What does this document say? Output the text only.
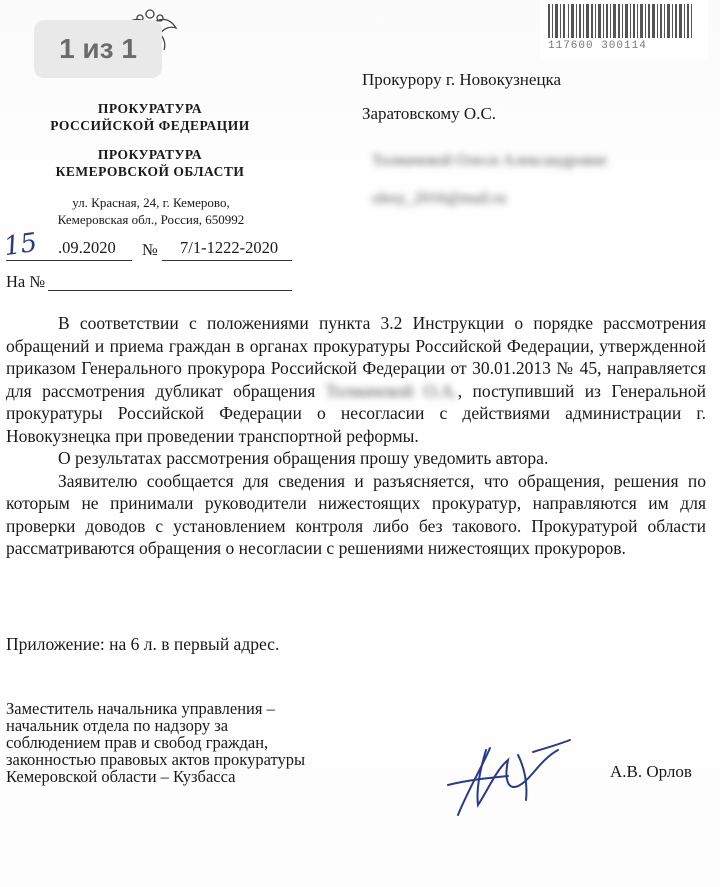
1 из 1	117600 300114
ПРОКУРАТУРА
РОССИЙСКОЙ ФЕДЕРАЦИИ
ПРОКУРАТУРА
КЕМЕРОВСКОЙ ОБЛАСТИ
ул. Красная, 24, г. Кемерово,
Кемеровская обл., Россия, 650992
15 .09.2020 № 7/1-1222-2020
На №
Прокурору г. Новокузнецка
Заратовскому О.С.
Толмачевой Олеси Александровне
olesy_2016@mail.ru

В соответствии с положениями пункта 3.2 Инструкции о порядке рассмотрения обращений и приема граждан в органах прокуратуры Российской Федерации, утвержденной приказом Генерального прокурора Российской Федерации от 30.01.2013 № 45, направляется для рассмотрения дубликат обращения Толмачевой О.А., поступивший из Генеральной прокуратуры Российской Федерации о несогласии с действиями администрации г. Новокузнецка при проведении транспортной реформы.

О результатах рассмотрения обращения прошу уведомить автора.

Заявителю сообщается для сведения и разъясняется, что обращения, решения по которым не принимали руководители нижестоящих прокуратур, направляются им для проверки доводов с установлением контроля либо без такового. Прокуратурой области рассматриваются обращения о несогласии с решениями нижестоящих прокуроров.

Приложение: на 6 л. в первый адрес.
Заместитель начальника управления –
начальник отдела по надзору за
соблюдением прав и свобод граждан,
законностью правовых актов прокуратуры
Кемеровской области – Кузбасса	А.В. Орлов
